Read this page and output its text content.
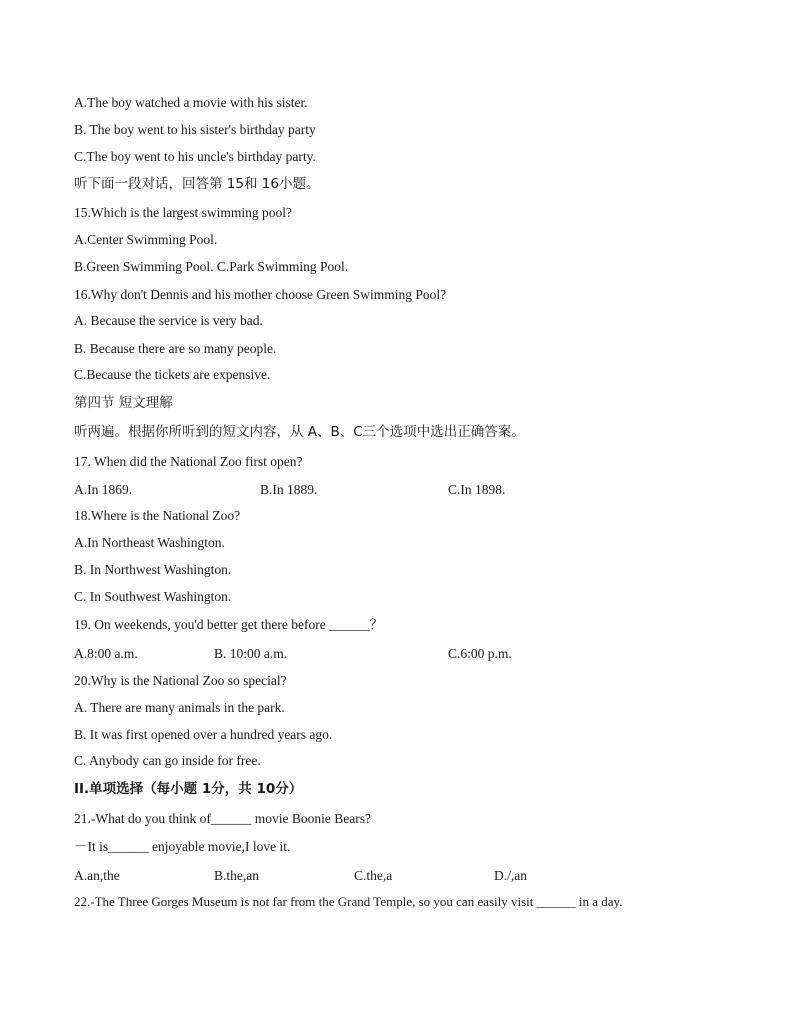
A.The boy watched a movie with his sister.
B. The boy went to his sister's birthday party
C.The boy went to his uncle's birthday party.
听下面一段对话，回答第 15和 16小题。
15.Which is the largest swimming pool?
A.Center Swimming Pool.
B.Green Swimming Pool. C.Park Swimming Pool.
16.Why don't Dennis and his mother choose Green Swimming Pool?
A. Because the service is very bad.
B. Because there are so many people.
C.Because the tickets are expensive.
第四节 短文理解
听两遍。根据你所听到的短文内容，从 A、B、C三个选项中选出正确答案。
17. When did the National Zoo first open?
A.In 1869.	B.In 1889.	C.In 1898.
18.Where is the National Zoo?
A.In Northeast Washington.
B. In Northwest Washington.
C. In Southwest Washington.
19. On weekends, you'd better get there before ______？
A.8:00 a.m.	B. 10:00 a.m.	C.6:00 p.m.
20.Why is the National Zoo so special?
A. There are many animals in the park.
B. It was first opened over a hundred years ago.
C. Anybody can go inside for free.
II.单项选择（每小题 1分，共 10分）
21.-What do you think of______ movie Boonie Bears?
－It is______ enjoyable movie,I love it.
A.an,the	B.the,an	C.the,a	D./,an
22.-The Three Gorges Museum is not far from the Grand Temple, so you can easily visit ______ in a day.
